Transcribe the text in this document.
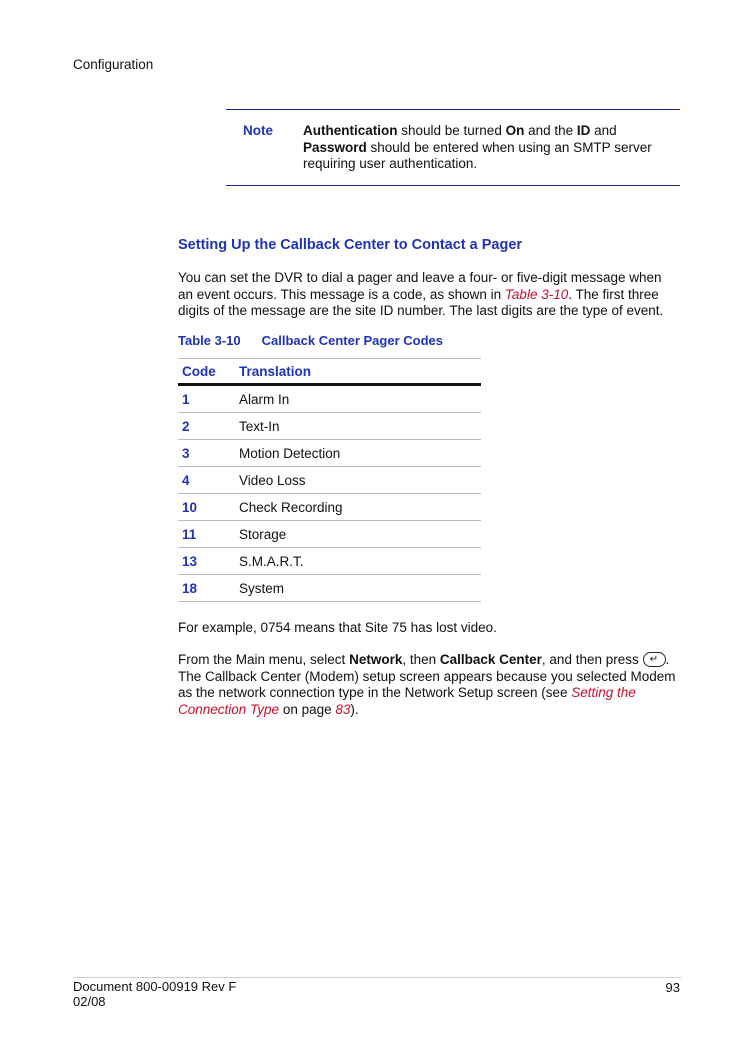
Configuration
Note Authentication should be turned On and the ID and Password should be entered when using an SMTP server requiring user authentication.
Setting Up the Callback Center to Contact a Pager
You can set the DVR to dial a pager and leave a four- or five-digit message when an event occurs. This message is a code, as shown in Table 3-10. The first three digits of the message are the site ID number. The last digits are the type of event.
Table 3-10 Callback Center Pager Codes
Code	Translation
1	Alarm In
2	Text-In
3	Motion Detection
4	Video Loss
10	Check Recording
11	Storage
13	S.M.A.R.T.
18	System
For example, 0754 means that Site 75 has lost video.
From the Main menu, select Network, then Callback Center, and then press ↵ . The Callback Center (Modem) setup screen appears because you selected Modem as the network connection type in the Network Setup screen (see Setting the Connection Type on page 83).
Document 800-00919 Rev F
02/08
93
